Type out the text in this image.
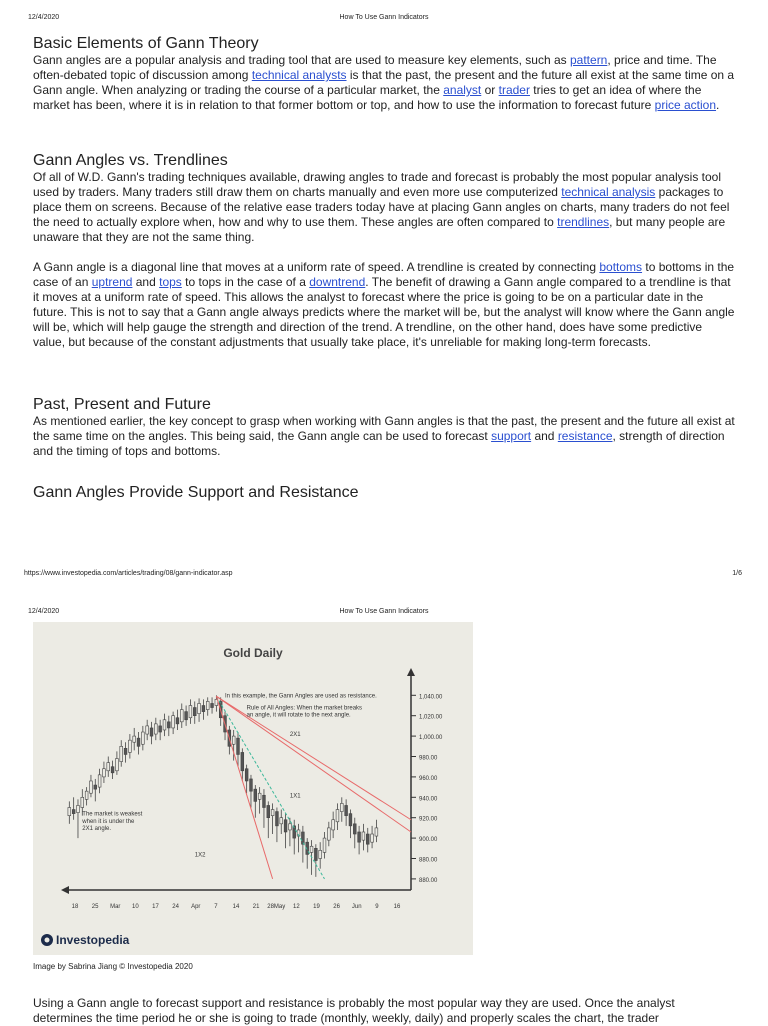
12/4/2020	How To Use Gann Indicators
Basic Elements of Gann Theory

Gann angles are a popular analysis and trading tool that are used to measure key elements, such as pattern, price and time. The often-debated topic of discussion among technical analysts is that the past, the present and the future all exist at the same time on a Gann angle. When analyzing or trading the course of a particular market, the analyst or trader tries to get an idea of where the market has been, where it is in relation to that former bottom or top, and how to use the information to forecast future price action.

Gann Angles vs. Trendlines

Of all of W.D. Gann's trading techniques available, drawing angles to trade and forecast is probably the most popular analysis tool used by traders. Many traders still draw them on charts manually and even more use computerized technical analysis packages to place them on screens. Because of the relative ease traders today have at placing Gann angles on charts, many traders do not feel the need to actually explore when, how and why to use them. These angles are often compared to trendlines, but many people are unaware that they are not the same thing.

A Gann angle is a diagonal line that moves at a uniform rate of speed. A trendline is created by connecting bottoms to bottoms in the case of an uptrend and tops to tops in the case of a downtrend. The benefit of drawing a Gann angle compared to a trendline is that it moves at a uniform rate of speed. This allows the analyst to forecast where the price is going to be on a particular date in the future. This is not to say that a Gann angle always predicts where the market will be, but the analyst will know where the Gann angle will be, which will help gauge the strength and direction of the trend. A trendline, on the other hand, does have some predictive value, but because of the constant adjustments that usually take place, it's unreliable for making long-term forecasts.

Past, Present and Future

As mentioned earlier, the key concept to grasp when working with Gann angles is that the past, the present and the future all exist at the same time on the angles. This being said, the Gann angle can be used to forecast support and resistance, strength of direction and the timing of tops and bottoms.

Gann Angles Provide Support and Resistance
https://www.investopedia.com/articles/trading/08/gann-indicator.asp	1/6
12/4/2020	How To Use Gann Indicators
Gold Daily
880.00
880.00
900.00
920.00
940.00
960.00
980.00
1,000.00
1,020.00
1,040.00
18 25 Mar 10 17 24 Apr 7	14 21 28May 12 19 26 Jun 9	16
In this example, the Gann Angles are used as resistance.
Rule of All Angles: When the market breaks
an angle, it will rotate to the next angle.
2X1
1X1
The market is weakest
when it is under the
2X1 angle.
1X2
Investopedia
Image by Sabrina Jiang © Investopedia 2020

Using a Gann angle to forecast support and resistance is probably the most popular way they are used. Once the analyst determines the time period he or she is going to trade (monthly, weekly, daily) and properly scales the chart, the trader
